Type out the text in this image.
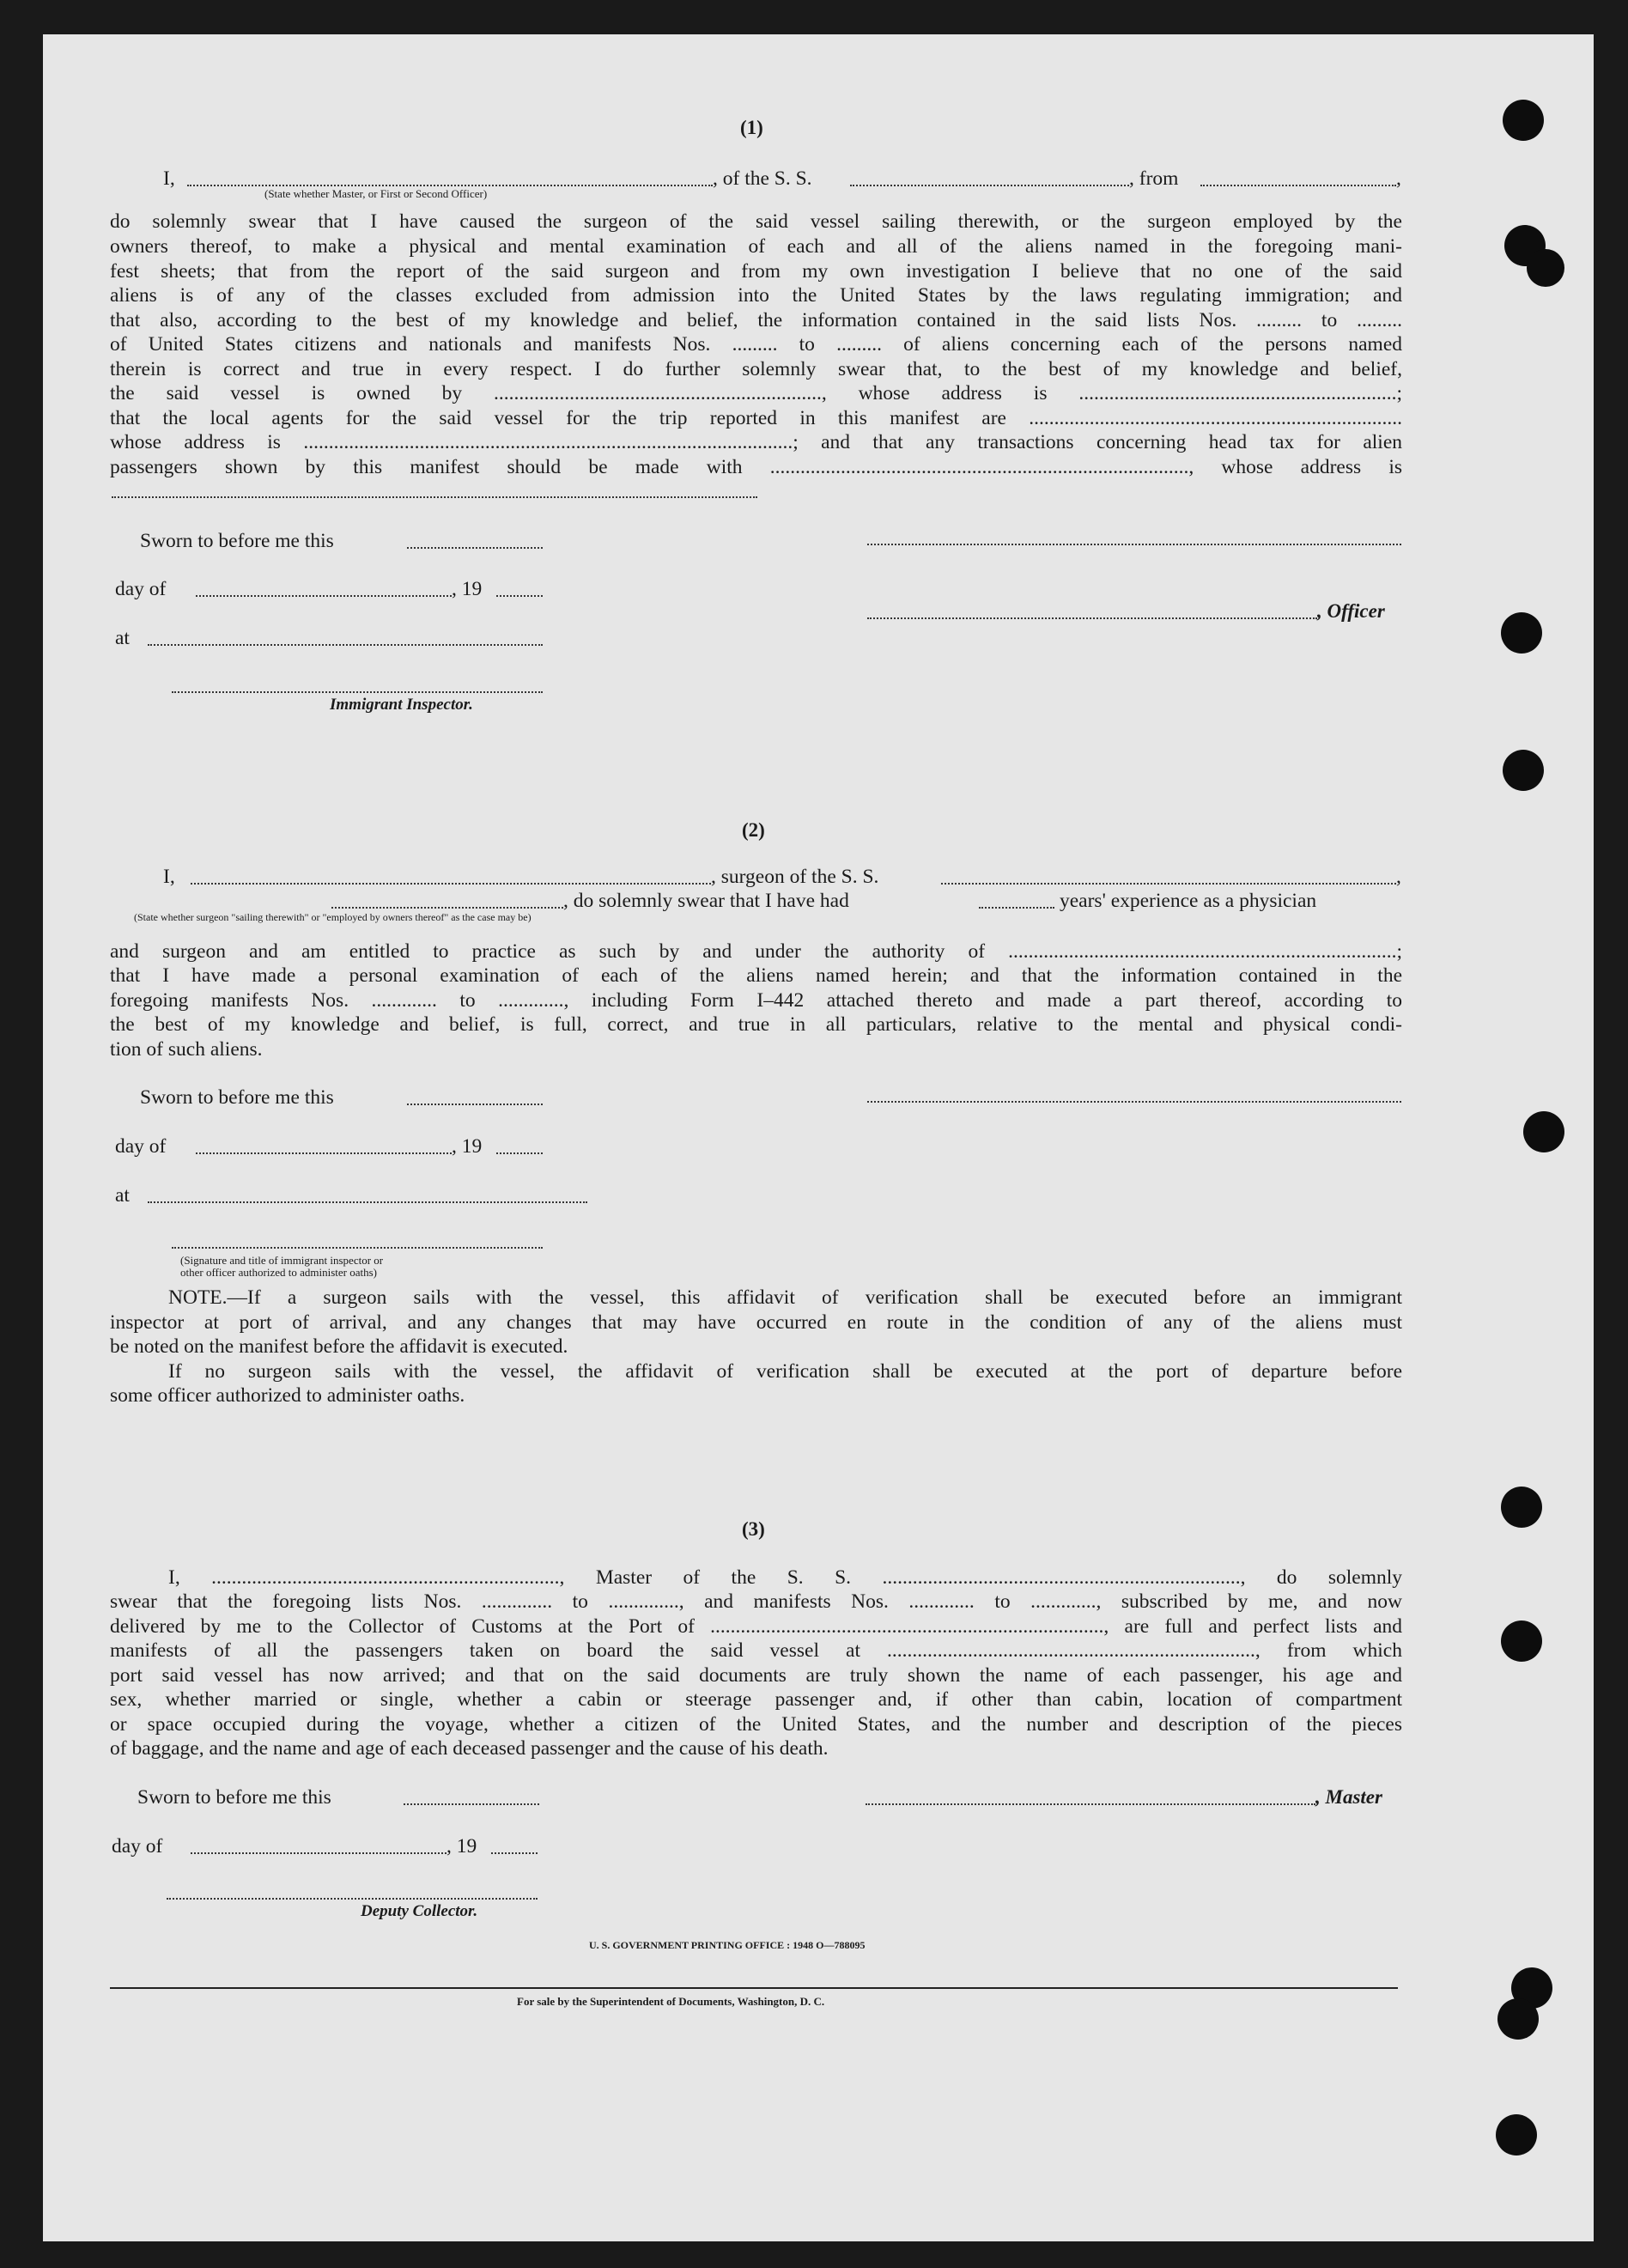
(1)
I,	, of the S. S.	, from	,
(State whether Master, or First or Second Officer)
do solemnly swear that I have caused the surgeon of the said vessel sailing therewith, or the surgeon employed by the
owners thereof, to make a physical and mental examination of each and all of the aliens named in the foregoing mani-
fest sheets; that from the report of the said surgeon and from my own investigation I believe that no one of the said
aliens is of any of the classes excluded from admission into the United States by the laws regulating immigration; and
that also, according to the best of my knowledge and belief, the information contained in the said lists Nos. ......... to .........
of United States citizens and nationals and manifests Nos. ......... to ......... of aliens concerning each of the persons named
therein is correct and true in every respect. I do further solemnly swear that, to the best of my knowledge and belief,
the said vessel is owned by ................................................................., whose address is ...............................................................;
that the local agents for the said vessel for the trip reported in this manifest are ..........................................................................
whose address is .................................................................................................; and that any transactions concerning head tax for alien
passengers shown by this manifest should be made with ..................................................................................., whose address is
Sworn to before me this
day of	, 19
, Officer
at
Immigrant Inspector.
(2)
I,	, surgeon of the S. S.	,
, do solemnly swear that I have had	years' experience as a physician
(State whether surgeon "sailing therewith" or "employed by owners thereof" as the case may be)
and surgeon and am entitled to practice as such by and under the authority of .............................................................................;
that I have made a personal examination of each of the aliens named herein; and that the information contained in the
foregoing manifests Nos. ............. to ............., including Form I–442 attached thereto and made a part thereof, according to
the best of my knowledge and belief, is full, correct, and true in all particulars, relative to the mental and physical condi-
tion of such aliens.
Sworn to before me this
day of	, 19
at
(Signature and title of immigrant inspector or
other officer authorized to administer oaths)
NOTE.—If a surgeon sails with the vessel, this affidavit of verification shall be executed before an immigrant
inspector at port of arrival, and any changes that may have occurred en route in the condition of any of the aliens must
be noted on the manifest before the affidavit is executed.
If no surgeon sails with the vessel, the affidavit of verification shall be executed at the port of departure before
some officer authorized to administer oaths.
(3)
I, ....................................................................., Master of the S. S. ......................................................................., do solemnly
swear that the foregoing lists Nos. .............. to .............., and manifests Nos. ............. to ............., subscribed by me, and now
delivered by me to the Collector of Customs at the Port of .............................................................................., are full and perfect lists and
manifests of all the passengers taken on board the said vessel at ........................................................................., from which
port said vessel has now arrived; and that on the said documents are truly shown the name of each passenger, his age and
sex, whether married or single, whether a cabin or steerage passenger and, if other than cabin, location of compartment
or space occupied during the voyage, whether a citizen of the United States, and the number and description of the pieces
of baggage, and the name and age of each deceased passenger and the cause of his death.
Sworn to before me this	, Master
day of	, 19
Deputy Collector.
U. S. GOVERNMENT PRINTING OFFICE : 1948 O—788095
For sale by the Superintendent of Documents, Washington, D. C.
